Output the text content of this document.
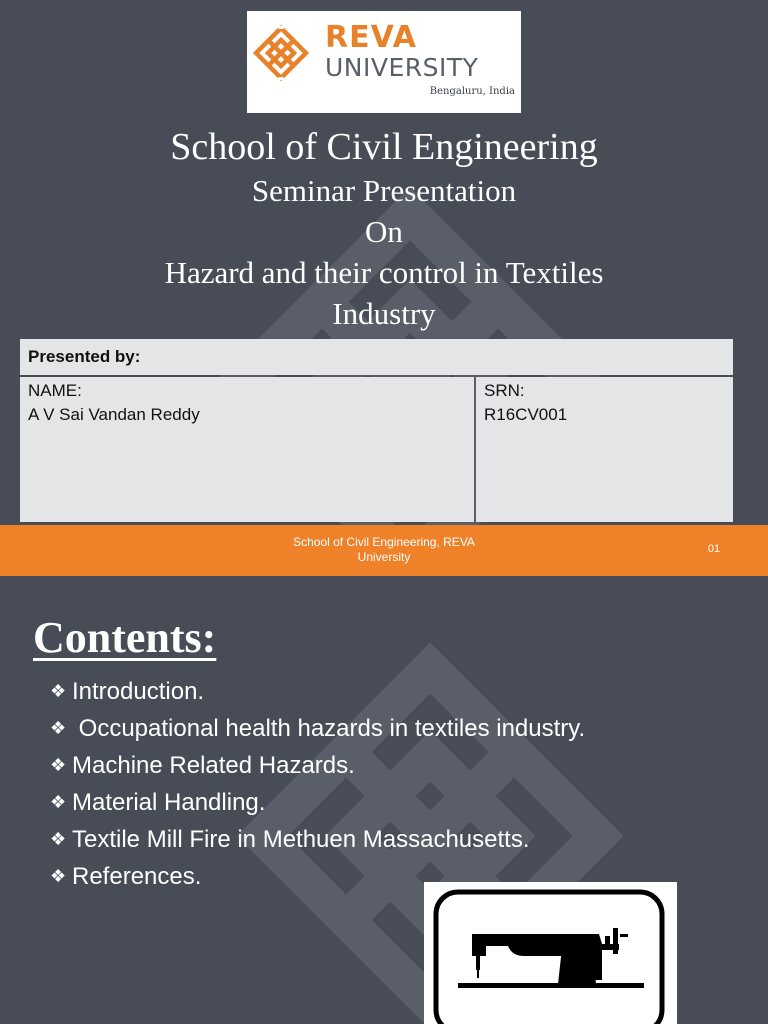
REVA
UNIVERSITY
Bengaluru, India
School of Civil Engineering
Seminar Presentation
On
Hazard and their control in Textiles
Industry
Presented by:
NAME:
A V Sai Vandan Reddy
SRN:
R16CV001
School of Civil Engineering, REVA
University
01
Contents:
❖ Introduction.
❖ Occupational health hazards in textiles industry.
❖ Machine Related Hazards.
❖ Material Handling.
❖ Textile Mill Fire in Methuen Massachusetts.
❖ References.
